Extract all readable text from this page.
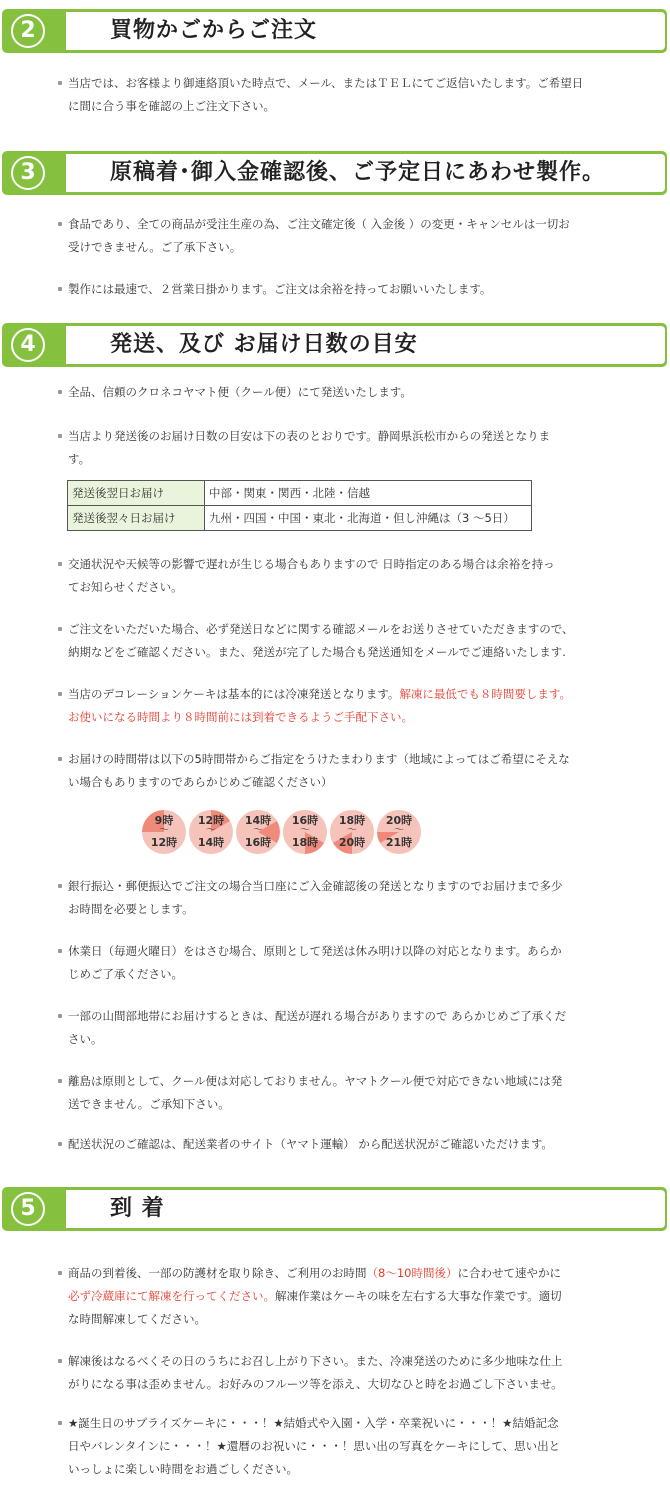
2	買物かごからご注文
当店では、お客様より御連絡頂いた時点で、メール、またはＴＥＬにてご返信いたします。ご希望日
に間に合う事を確認の上ご注文下さい。
3	原稿着･御入金確認後、ご予定日にあわせ製作。
食品であり、全ての商品が受注生産の為、ご注文確定後（ 入金後 ）の変更・キャンセルは一切お
受けできません。ご了承下さい。
製作には最速で、２営業日掛かります。ご注文は余裕を持ってお願いいたします。
4	発送、及び お届け日数の目安
全品、信頼のクロネコヤマト便（クール便）にて発送いたします。
当店より発送後のお届け日数の目安は下の表のとおりです。静岡県浜松市からの発送となりま
す。
発送後翌日お届け	中部・関東・関西・北陸・信越
発送後翌々日お届け	九州・四国・中国・東北・北海道・但し沖縄は（3 〜5日）
交通状況や天候等の影響で遅れが生じる場合もありますので 日時指定のある場合は余裕を持っ
てお知らせください。
ご注文をいただいた場合、必ず発送日などに関する確認メールをお送りさせていただきますので、
納期などをご確認ください。また、発送が完了した場合も発送通知をメールでご連絡いたします.
当店のデコレーションケーキは基本的には冷凍発送となります。解凍に最低でも８時間要します。
お使いになる時間より８時間前には到着できるようご手配下さい。
お届けの時間帯は以下の5時間帯からご指定をうけたまわります（地域によってはご希望にそえな
い場合もありますのであらかじめご確認ください）
9時
〜
12時
12時
〜
14時
14時
〜
16時
16時
〜
18時
18時
〜
20時
20時
〜
21時
銀行振込・郵便振込でご注文の場合当口座にご入金確認後の発送となりますのでお届けまで多少
お時間を必要とします。
休業日（毎週火曜日）をはさむ場合、原則として発送は休み明け以降の対応となります。あらか
じめご了承ください。
一部の山間部地帯にお届けするときは、配送が遅れる場合がありますので あらかじめご了承くだ
さい。
離島は原則として、クール便は対応しておりません。ヤマトクール便で対応できない地域には発
送できません。ご承知下さい。
配送状況のご確認は、配送業者のサイト（ヤマト運輸） から配送状況がご確認いただけます。
5	到 着
商品の到着後、一部の防護材を取り除き、ご利用のお時間（8〜10時間後）に合わせて速やかに
必ず冷蔵庫にて解凍を行ってください。解凍作業はケーキの味を左右する大事な作業です。適切
な時間解凍してください。
解凍後はなるべくその日のうちにお召し上がり下さい。また、冷凍発送のために多少地味な仕上
がりになる事は歪めません。お好みのフルーツ等を添え、大切なひと時をお過ごし下さいませ。
★誕生日のサプライズケーキに・・・！★結婚式や入園・入学・卒業祝いに・・・！★結婚記念
日やバレンタインに・・・！★還暦のお祝いに・・・！思い出の写真をケーキにして、思い出と
いっしょに楽しい時間をお過ごしください。
